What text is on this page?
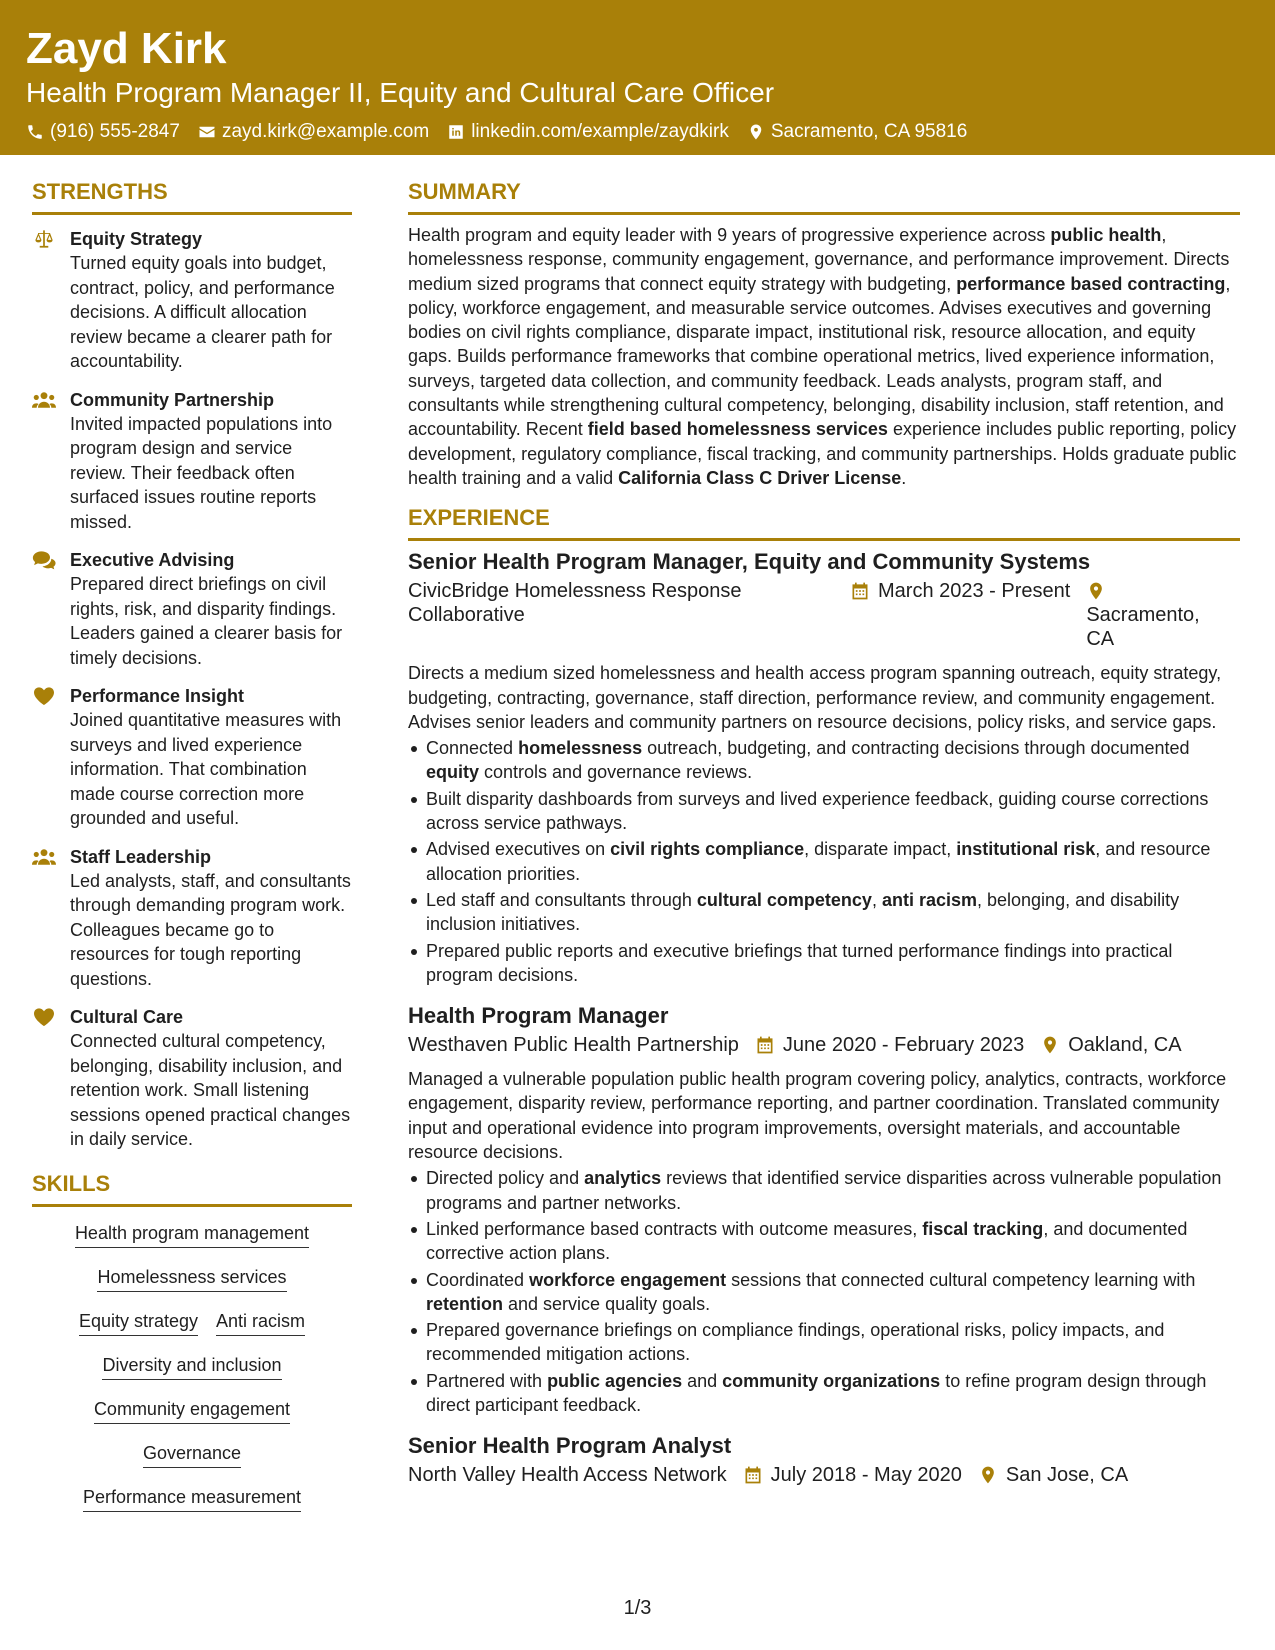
Zayd Kirk
Health Program Manager II, Equity and Cultural Care Officer
(916) 555-2847 zayd.kirk@example.com linkedin.com/example/zaydkirk Sacramento, CA 95816
STRENGTHS
Equity Strategy
Turned equity goals into budget, contract, policy, and performance decisions. A difficult allocation review became a clearer path for accountability.
Community Partnership
Invited impacted populations into program design and service review. Their feedback often surfaced issues routine reports missed.
Executive Advising
Prepared direct briefings on civil rights, risk, and disparity findings. Leaders gained a clearer basis for timely decisions.
Performance Insight
Joined quantitative measures with surveys and lived experience information. That combination made course correction more grounded and useful.
Staff Leadership
Led analysts, staff, and consultants through demanding program work. Colleagues became go to resources for tough reporting questions.
Cultural Care
Connected cultural competency, belonging, disability inclusion, and retention work. Small listening sessions opened practical changes in daily service.
SKILLS
Health program management
Homelessness services
Equity strategy Anti racism
Diversity and inclusion
Community engagement
Governance
Performance measurement
SUMMARY

Health program and equity leader with 9 years of progressive experience across public health, homelessness response, community engagement, governance, and performance improvement. Directs medium sized programs that connect equity strategy with budgeting, performance based contracting, policy, workforce engagement, and measurable service outcomes. Advises executives and governing bodies on civil rights compliance, disparate impact, institutional risk, resource allocation, and equity gaps. Builds performance frameworks that combine operational metrics, lived experience information, surveys, targeted data collection, and community feedback. Leads analysts, program staff, and consultants while strengthening cultural competency, belonging, disability inclusion, staff retention, and accountability. Recent field based homelessness services experience includes public reporting, policy development, regulatory compliance, fiscal tracking, and community partnerships. Holds graduate public health training and a valid California Class C Driver License.

EXPERIENCE
Senior Health Program Manager, Equity and Community Systems
CivicBridge Homelessness Response Collaborative
March 2023 - Present
Sacramento, CA

Directs a medium sized homelessness and health access program spanning outreach, equity strategy, budgeting, contracting, governance, staff direction, performance review, and community engagement. Advises senior leaders and community partners on resource decisions, policy risks, and service gaps.

Connected homelessness outreach, budgeting, and contracting decisions through documented equity controls and governance reviews.
Built disparity dashboards from surveys and lived experience feedback, guiding course corrections across service pathways.
Advised executives on civil rights compliance, disparate impact, institutional risk, and resource allocation priorities.
Led staff and consultants through cultural competency, anti racism, belonging, and disability inclusion initiatives.
Prepared public reports and executive briefings that turned performance findings into practical program decisions.
Health Program Manager
Westhaven Public Health Partnership June 2020 - February 2023 Oakland, CA

Managed a vulnerable population public health program covering policy, analytics, contracts, workforce engagement, disparity review, performance reporting, and partner coordination. Translated community input and operational evidence into program improvements, oversight materials, and accountable resource decisions.

Directed policy and analytics reviews that identified service disparities across vulnerable population programs and partner networks.
Linked performance based contracts with outcome measures, fiscal tracking, and documented corrective action plans.
Coordinated workforce engagement sessions that connected cultural competency learning with retention and service quality goals.
Prepared governance briefings on compliance findings, operational risks, policy impacts, and recommended mitigation actions.
Partnered with public agencies and community organizations to refine program design through direct participant feedback.
Senior Health Program Analyst
North Valley Health Access Network July 2018 - May 2020 San Jose, CA
1/3
